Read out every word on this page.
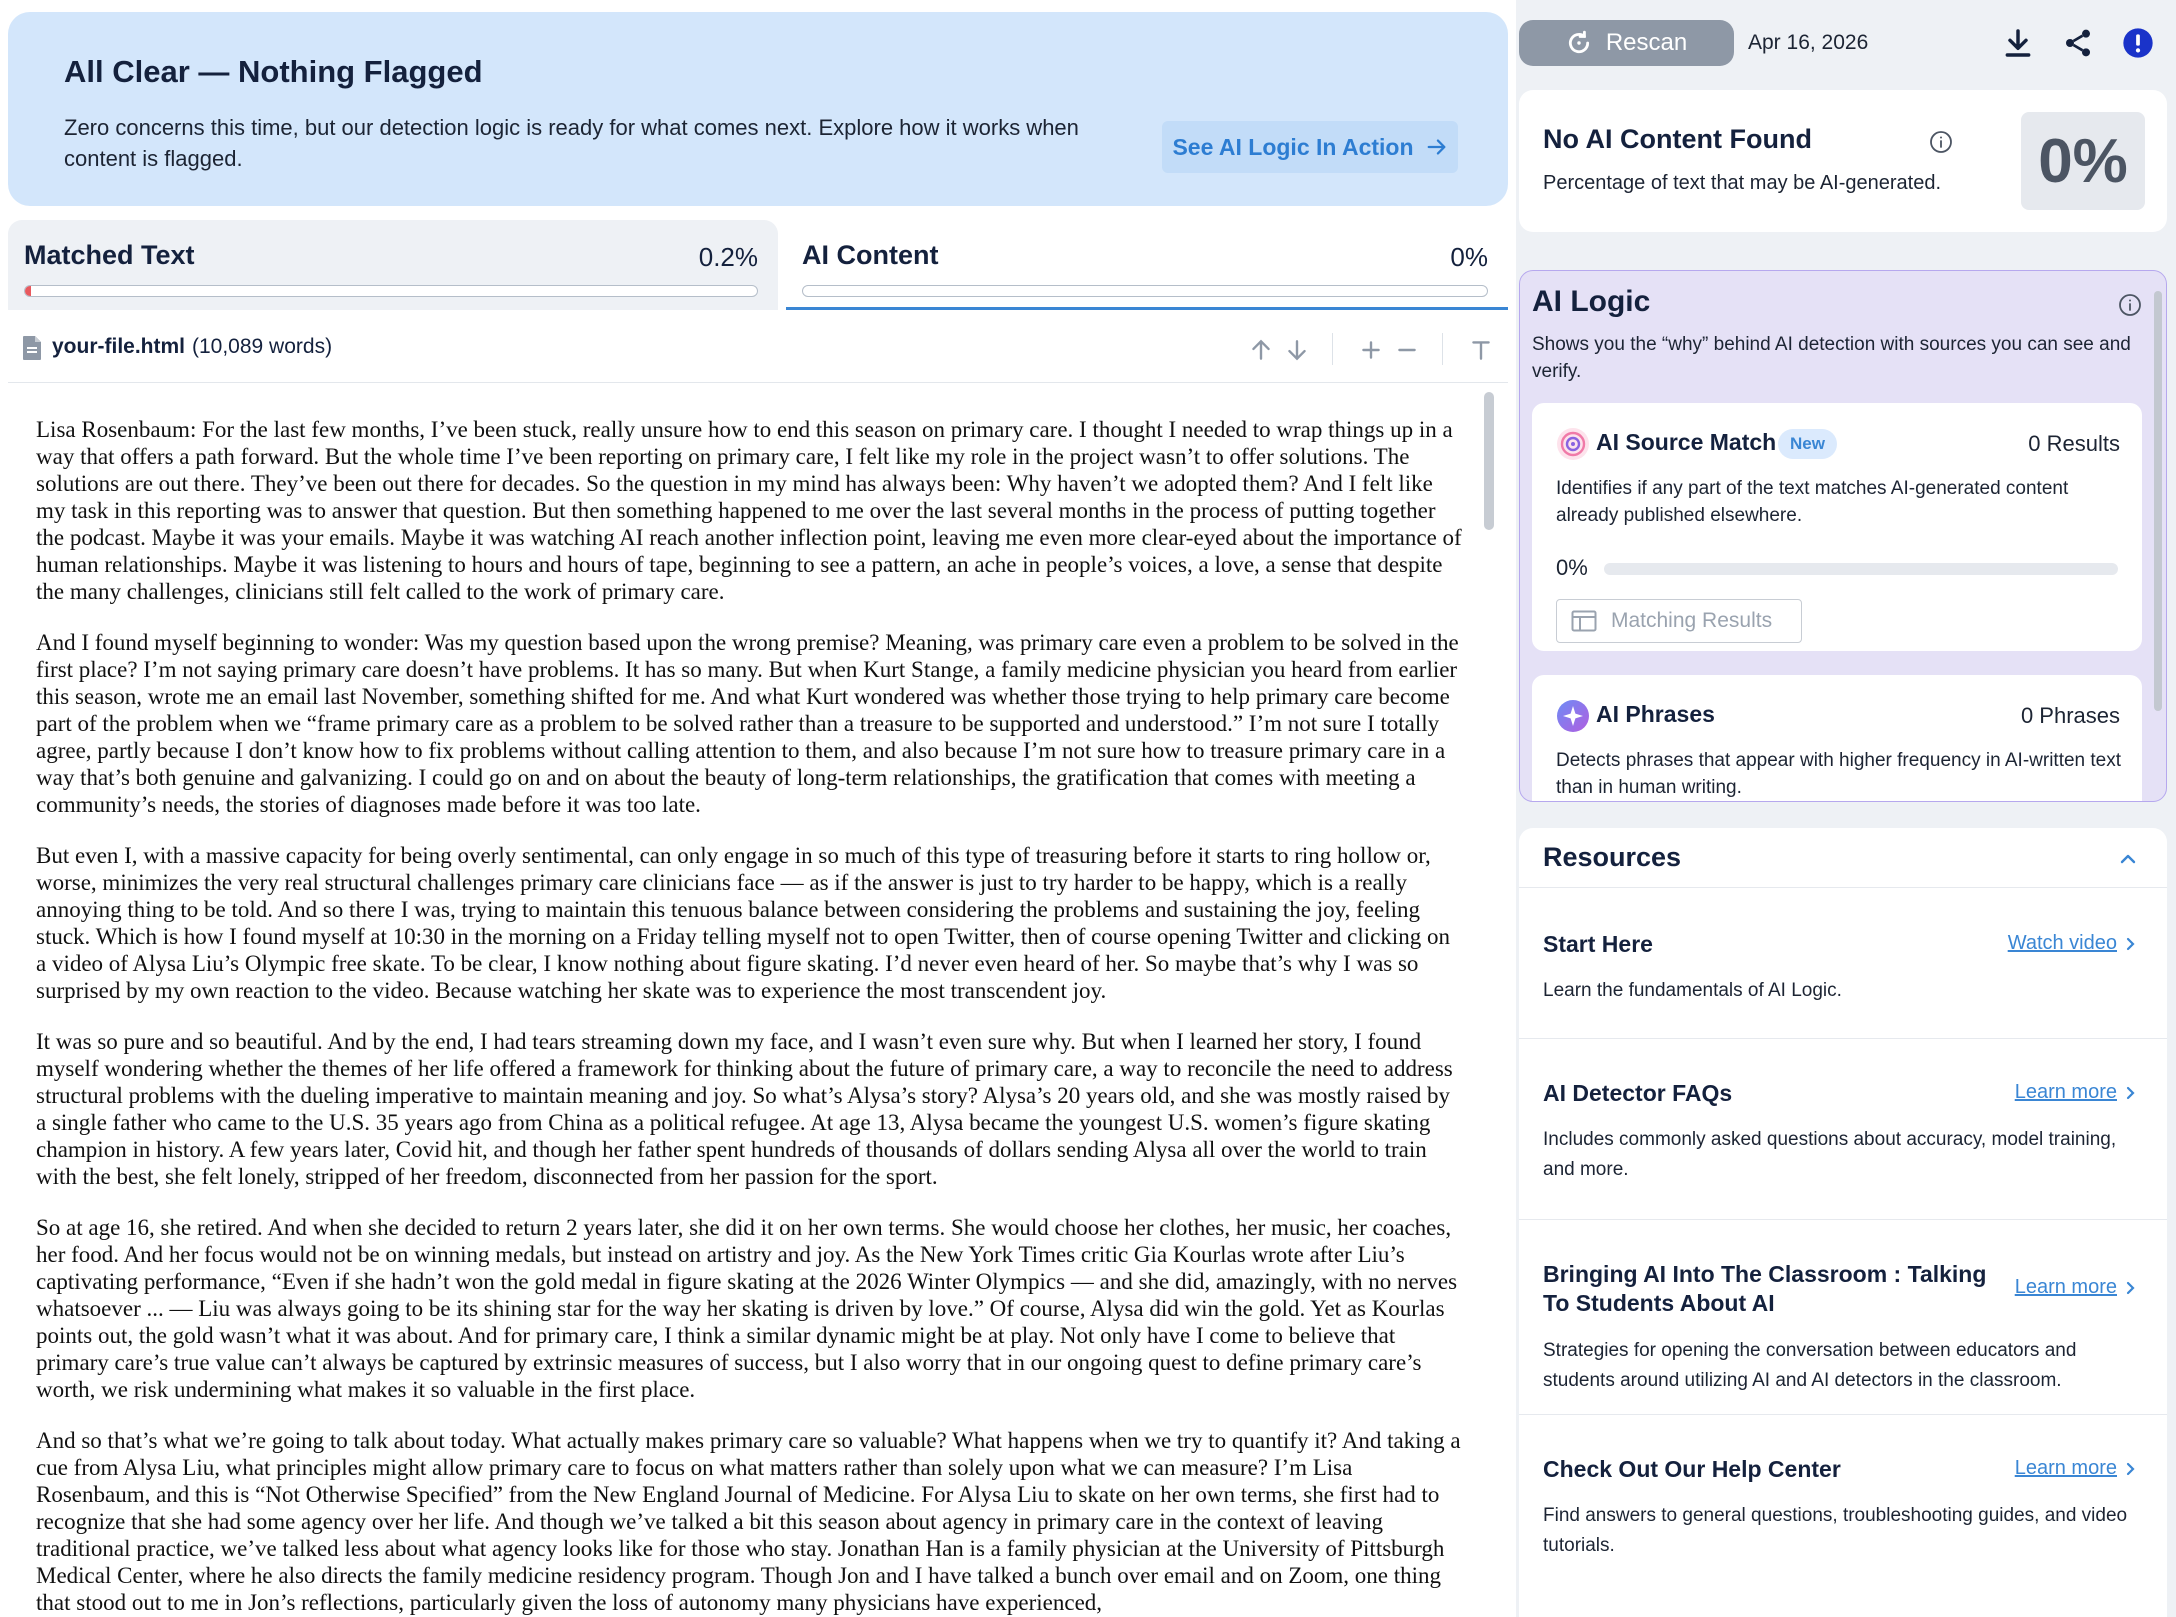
All Clear — Nothing Flagged
Zero concerns this time, but our detection logic is ready for what comes next. Explore how it works when content is flagged.	See AI Logic In Action
Matched Text	0.2% AI Content	0%
your-file.html (10,089 words)

Lisa Rosenbaum: For the last few months, I’ve been stuck, really unsure how to end this season on primary care. I thought I needed to wrap things up in a way that offers a path forward. But the whole time I’ve been reporting on primary care, I felt like my role in the project wasn’t to offer solutions. The solutions are out there. They’ve been out there for decades. So the question in my mind has always been: Why haven’t we adopted them? And I felt like my task in this reporting was to answer that question. But then something happened to me over the last several months in the process of putting together the podcast. Maybe it was your emails. Maybe it was watching AI reach another inflection point, leaving me even more clear-eyed about the importance of human relationships. Maybe it was listening to hours and hours of tape, beginning to see a pattern, an ache in people’s voices, a love, a sense that despite the many challenges, clinicians still felt called to the work of primary care.

And I found myself beginning to wonder: Was my question based upon the wrong premise? Meaning, was primary care even a problem to be solved in the first place? I’m not saying primary care doesn’t have problems. It has so many. But when Kurt Stange, a family medicine physician you heard from earlier this season, wrote me an email last November, something shifted for me. And what Kurt wondered was whether those trying to help primary care become part of the problem when we “frame primary care as a problem to be solved rather than a treasure to be supported and understood.” I’m not sure I totally agree, partly because I don’t know how to fix problems without calling attention to them, and also because I’m not sure how to treasure primary care in a way that’s both genuine and galvanizing. I could go on and on about the beauty of long-term relationships, the gratification that comes with meeting a community’s needs, the stories of diagnoses made before it was too late.

But even I, with a massive capacity for being overly sentimental, can only engage in so much of this type of treasuring before it starts to ring hollow or, worse, minimizes the very real structural challenges primary care clinicians face — as if the answer is just to try harder to be happy, which is a really annoying thing to be told. And so there I was, trying to maintain this tenuous balance between considering the problems and sustaining the joy, feeling stuck. Which is how I found myself at 10:30 in the morning on a Friday telling myself not to open Twitter, then of course opening Twitter and clicking on a video of Alysa Liu’s Olympic free skate. To be clear, I know nothing about figure skating. I’d never even heard of her. So maybe that’s why I was so surprised by my own reaction to the video. Because watching her skate was to experience the most transcendent joy.

It was so pure and so beautiful. And by the end, I had tears streaming down my face, and I wasn’t even sure why. But when I learned her story, I found myself wondering whether the themes of her life offered a framework for thinking about the future of primary care, a way to reconcile the need to address structural problems with the dueling imperative to maintain meaning and joy. So what’s Alysa’s story? Alysa’s 20 years old, and she was mostly raised by a single father who came to the U.S. 35 years ago from China as a political refugee. At age 13, Alysa became the youngest U.S. women’s figure skating champion in history. A few years later, Covid hit, and though her father spent hundreds of thousands of dollars sending Alysa all over the world to train with the best, she felt lonely, stripped of her freedom, disconnected from her passion for the sport.

So at age 16, she retired. And when she decided to return 2 years later, she did it on her own terms. She would choose her clothes, her music, her coaches, her food. And her focus would not be on winning medals, but instead on artistry and joy. As the New York Times critic Gia Kourlas wrote after Liu’s captivating performance, “Even if she hadn’t won the gold medal in figure skating at the 2026 Winter Olympics — and she did, amazingly, with no nerves whatsoever ... — Liu was always going to be its shining star for the way her skating is driven by love.” Of course, Alysa did win the gold. Yet as Kourlas points out, the gold wasn’t what it was about. And for primary care, I think a similar dynamic might be at play. Not only have I come to believe that primary care’s true value can’t always be captured by extrinsic measures of success, but I also worry that in our ongoing quest to define primary care’s worth, we risk undermining what makes it so valuable in the first place.

And so that’s what we’re going to talk about today. What actually makes primary care so valuable? What happens when we try to quantify it? And taking a cue from Alysa Liu, what principles might allow primary care to focus on what matters rather than solely upon what we can measure? I’m Lisa Rosenbaum, and this is “Not Otherwise Specified” from the New England Journal of Medicine. For Alysa Liu to skate on her own terms, she first had to recognize that she had some agency over her life. And though we’ve talked a bit this season about agency in primary care in the context of leaving traditional practice, we’ve talked less about what agency looks like for those who stay. Jonathan Han is a family physician at the University of Pittsburgh Medical Center, where he also directs the family medicine residency program. Though Jon and I have talked a bunch over email and on Zoom, one thing that stood out to me in Jon’s reflections, particularly given the loss of autonomy many physicians have experienced,

Rescan	Apr 16, 2026
No AI Content Found
Percentage of text that may be AI-generated. 0%
AI Logic
Shows you the “why” behind AI detection with sources you can see and verify.
AI Source Match New	0 Results
Identifies if any part of the text matches AI-generated content already published elsewhere.
0%
Matching Results
AI Phrases	0 Phrases
Detects phrases that appear with higher frequency in AI-written text than in human writing.
Resources
Start Here	Watch video
Learn the fundamentals of AI Logic.
AI Detector FAQs	Learn more
Includes commonly asked questions about accuracy, model training, and more.
Bringing AI Into The Classroom : Talking To Students About AI
Learn more
Strategies for opening the conversation between educators and students around utilizing AI and AI detectors in the classroom.
Check Out Our Help Center	Learn more
Find answers to general questions, troubleshooting guides, and video tutorials.
